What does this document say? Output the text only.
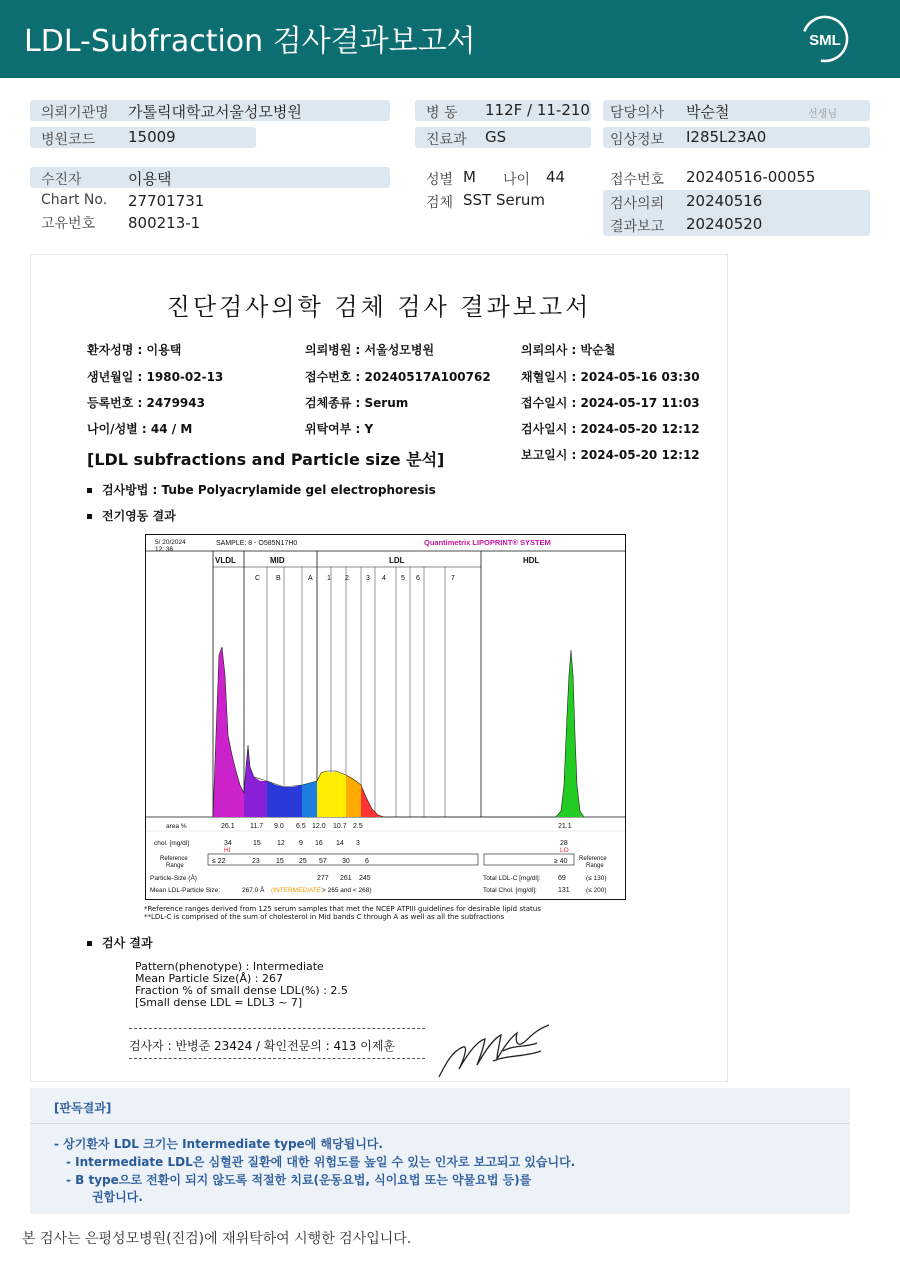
LDL-Subfraction 검사결과보고서	SML
의뢰기관명 가톨릭대학교서울성모병원
병원코드 15009
병 동 112F / 11-210
진료과 GS
담당의사 박순철	선생님
임상정보 I285L23A0
수진자	이용택
Chart No. 27701731
고유번호 800213-1
성별 M 나이 44
검체 SST Serum
접수번호 20240516-00055
검사의뢰 20240516
결과보고 20240520
진단검사의학 검체 검사 결과보고서
환자성명 : 이용택	의뢰병원 : 서울성모병원	의뢰의사 : 박순철
생년월일 : 1980-02-13	접수번호 : 20240517A100762	채혈일시 : 2024-05-16 03:30
등록번호 : 2479943	검체종류 : Serum	접수일시 : 2024-05-17 11:03
나이/성별 : 44 / M	위탁여부 : Y	검사일시 : 2024-05-20 12:12
[LDL subfractions and Particle size 분석]	보고일시 : 2024-05-20 12:12
검사방법 : Tube Polyacrylamide gel electrophoresis
전기영동 결과
5/ 20/2024
12: 36
SAMPLE: 8 - O585N17H0	Quantimetrix LIPOPRINT® SYSTEM
VLDL	MID	LDL	HDL
C B	A 1 2 3 4 5 6	7
area %	26.1 11.7 9.0 6.5 12.0 10.7 2.5	21.1
chol. [mg/dl]	34	15 12 9 16 14 3	28
HI	LO
Reference
Range
Reference
Range
≤ 22	23 15 25 57 30 6	≥ 40
Particle-Size (Å)	277 261 245
Mean LDL-Particle Size:	267.0 Å (INTERMEDIATE; > 265 and < 268)
Total LDL-C [mg/dl]:	69	(≤ 130)
Total Chol. [mg/dl]:	131	(≤ 200)
*Reference ranges derived from 125 serum samples that met the NCEP ATPIII guidelines for desirable lipid status
**LDL-C is comprised of the sum of cholesterol in Mid bands C through A as well as all the subfractions
검사 결과
Pattern(phenotype) : Intermediate
Mean Particle Size(Å) : 267
Fraction % of small dense LDL(%) : 2.5
[Small dense LDL = LDL3 ~ 7]
검사자 : 반병준 23424 / 확인전문의 : 413 이제훈
[판독결과]
- 상기환자 LDL 크기는 Intermediate type에 해당됩니다.
- Intermediate LDL은 심혈관 질환에 대한 위험도를 높일 수 있는 인자로 보고되고 있습니다.
- B type으로 전환이 되지 않도록 적절한 치료(운동요법, 식이요법 또는 약물요법 등)를
권합니다.
본 검사는 은평성모병원(진검)에 재위탁하여 시행한 검사입니다.
